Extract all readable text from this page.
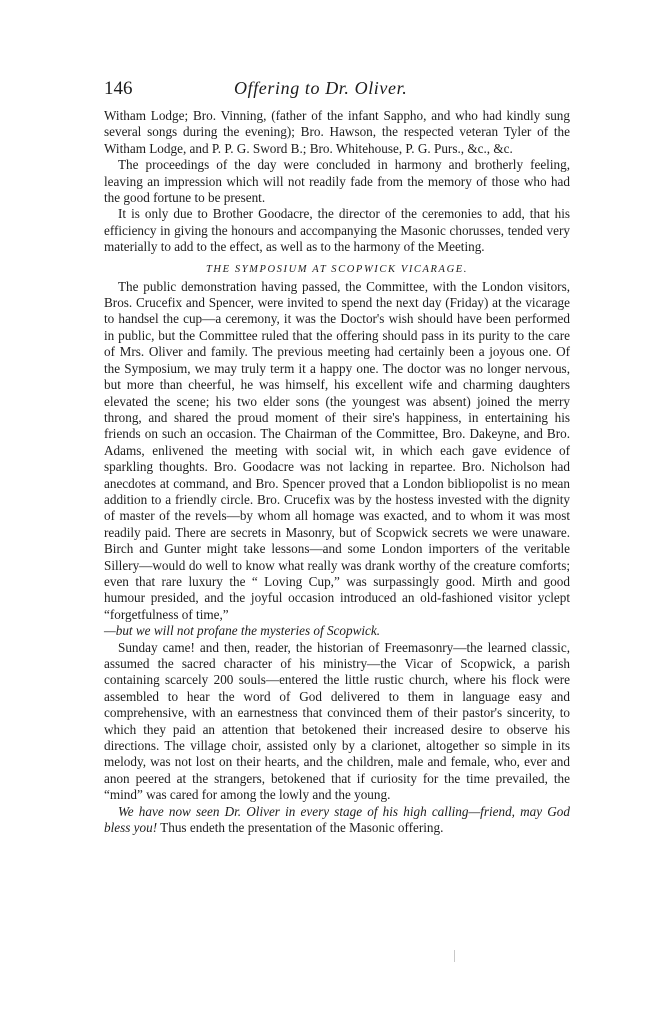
146	Offering to Dr. Oliver.

Witham Lodge; Bro. Vinning, (father of the infant Sappho, and who had kindly sung several songs during the evening); Bro. Hawson, the respected veteran Tyler of the Witham Lodge, and P. P. G. Sword B.; Bro. Whitehouse, P. G. Purs., &c., &c.

The proceedings of the day were concluded in harmony and brotherly feeling, leaving an impression which will not readily fade from the memory of those who had the good fortune to be present.

It is only due to Brother Goodacre, the director of the ceremonies to add, that his efficiency in giving the honours and accompanying the Masonic chorusses, tended very materially to add to the effect, as well as to the harmony of the Meeting.

THE SYMPOSIUM AT SCOPWICK VICARAGE.

The public demonstration having passed, the Committee, with the London visitors, Bros. Crucefix and Spencer, were invited to spend the next day (Friday) at the vicarage to handsel the cup—a ceremony, it was the Doctor's wish should have been performed in public, but the Committee ruled that the offering should pass in its purity to the care of Mrs. Oliver and family. The previous meeting had certainly been a joyous one. Of the Symposium, we may truly term it a happy one. The doctor was no longer nervous, but more than cheerful, he was himself, his excellent wife and charming daughters elevated the scene; his two elder sons (the youngest was absent) joined the merry throng, and shared the proud moment of their sire's happiness, in entertaining his friends on such an occasion. The Chairman of the Committee, Bro. Dakeyne, and Bro. Adams, enlivened the meeting with social wit, in which each gave evidence of sparkling thoughts. Bro. Goodacre was not lacking in repartee. Bro. Nicholson had anecdotes at command, and Bro. Spencer proved that a London bibliopolist is no mean addition to a friendly circle. Bro. Crucefix was by the hostess invested with the dignity of master of the revels—by whom all homage was exacted, and to whom it was most readily paid. There are secrets in Masonry, but of Scopwick secrets we were unaware. Birch and Gunter might take lessons—and some London importers of the veritable Sillery—would do well to know what really was drank worthy of the creature comforts; even that rare luxury the “ Loving Cup,” was surpassingly good. Mirth and good humour presided, and the joyful occasion introduced an old-fashioned visitor yclept “forgetfulness of time,”
—but we will not profane the mysteries of Scopwick.

Sunday came! and then, reader, the historian of Freemasonry—the learned classic, assumed the sacred character of his ministry—the Vicar of Scopwick, a parish containing scarcely 200 souls—entered the little rustic church, where his flock were assembled to hear the word of God delivered to them in language easy and comprehensive, with an earnestness that convinced them of their pastor's sincerity, to which they paid an attention that betokened their increased desire to observe his directions. The village choir, assisted only by a clarionet, altogether so simple in its melody, was not lost on their hearts, and the children, male and female, who, ever and anon peered at the strangers, betokened that if curiosity for the time prevailed, the “mind” was cared for among the lowly and the young.

We have now seen Dr. Oliver in every stage of his high calling—friend, may God bless you! Thus endeth the presentation of the Masonic offering.
